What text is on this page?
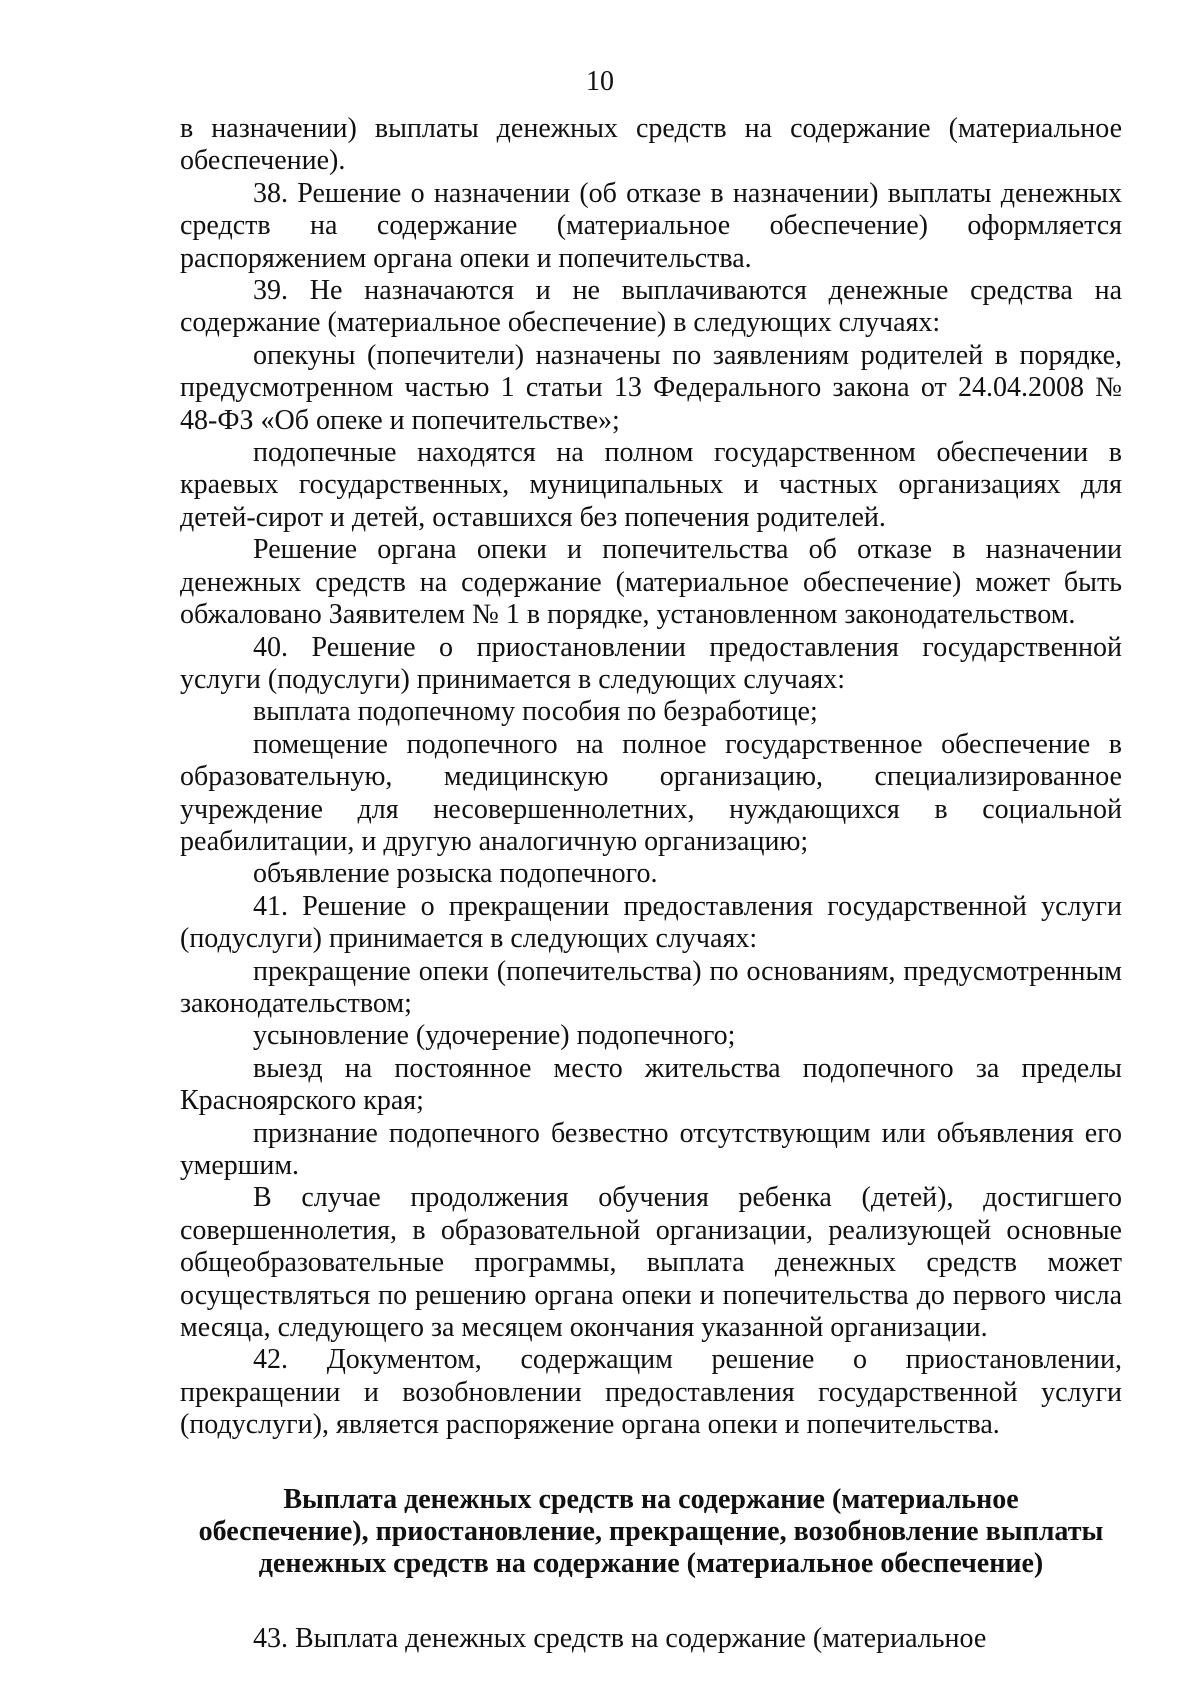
10

в назначении) выплаты денежных средств на содержание (материальное обеспечение).

38. Решение о назначении (об отказе в назначении) выплаты денежных средств на содержание (материальное обеспечение) оформляется распоряжением органа опеки и попечительства.

39. Не назначаются и не выплачиваются денежные средства на содержание (материальное обеспечение) в следующих случаях:

опекуны (попечители) назначены по заявлениям родителей в порядке, предусмотренном частью 1 статьи 13 Федерального закона от 24.04.2008 № 48-ФЗ «Об опеке и попечительстве»;

подопечные находятся на полном государственном обеспечении в краевых государственных, муниципальных и частных организациях для детей-сирот и детей, оставшихся без попечения родителей.

Решение органа опеки и попечительства об отказе в назначении денежных средств на содержание (материальное обеспечение) может быть обжаловано Заявителем № 1 в порядке, установленном законодательством.

40. Решение о приостановлении предоставления государственной услуги (подуслуги) принимается в следующих случаях:

выплата подопечному пособия по безработице;

помещение подопечного на полное государственное обеспечение в образовательную, медицинскую организацию, специализированное учреждение для несовершеннолетних, нуждающихся в социальной реабилитации, и другую аналогичную организацию;

объявление розыска подопечного.

41. Решение о прекращении предоставления государственной услуги (подуслуги) принимается в следующих случаях:

прекращение опеки (попечительства) по основаниям, предусмотренным законодательством;

усыновление (удочерение) подопечного;

выезд на постоянное место жительства подопечного за пределы Красноярского края;

признание подопечного безвестно отсутствующим или объявления его умершим.

В случае продолжения обучения ребенка (детей), достигшего совершеннолетия, в образовательной организации, реализующей основные общеобразовательные программы, выплата денежных средств может осуществляться по решению органа опеки и попечительства до первого числа месяца, следующего за месяцем окончания указанной организации.

42. Документом, содержащим решение о приостановлении, прекращении и возобновлении предоставления государственной услуги (подуслуги), является распоряжение органа опеки и попечительства.

Выплата денежных средств на содержание (материальное
обеспечение), приостановление, прекращение, возобновление выплаты
денежных средств на содержание (материальное обеспечение)

43. Выплата денежных средств на содержание (материальное
